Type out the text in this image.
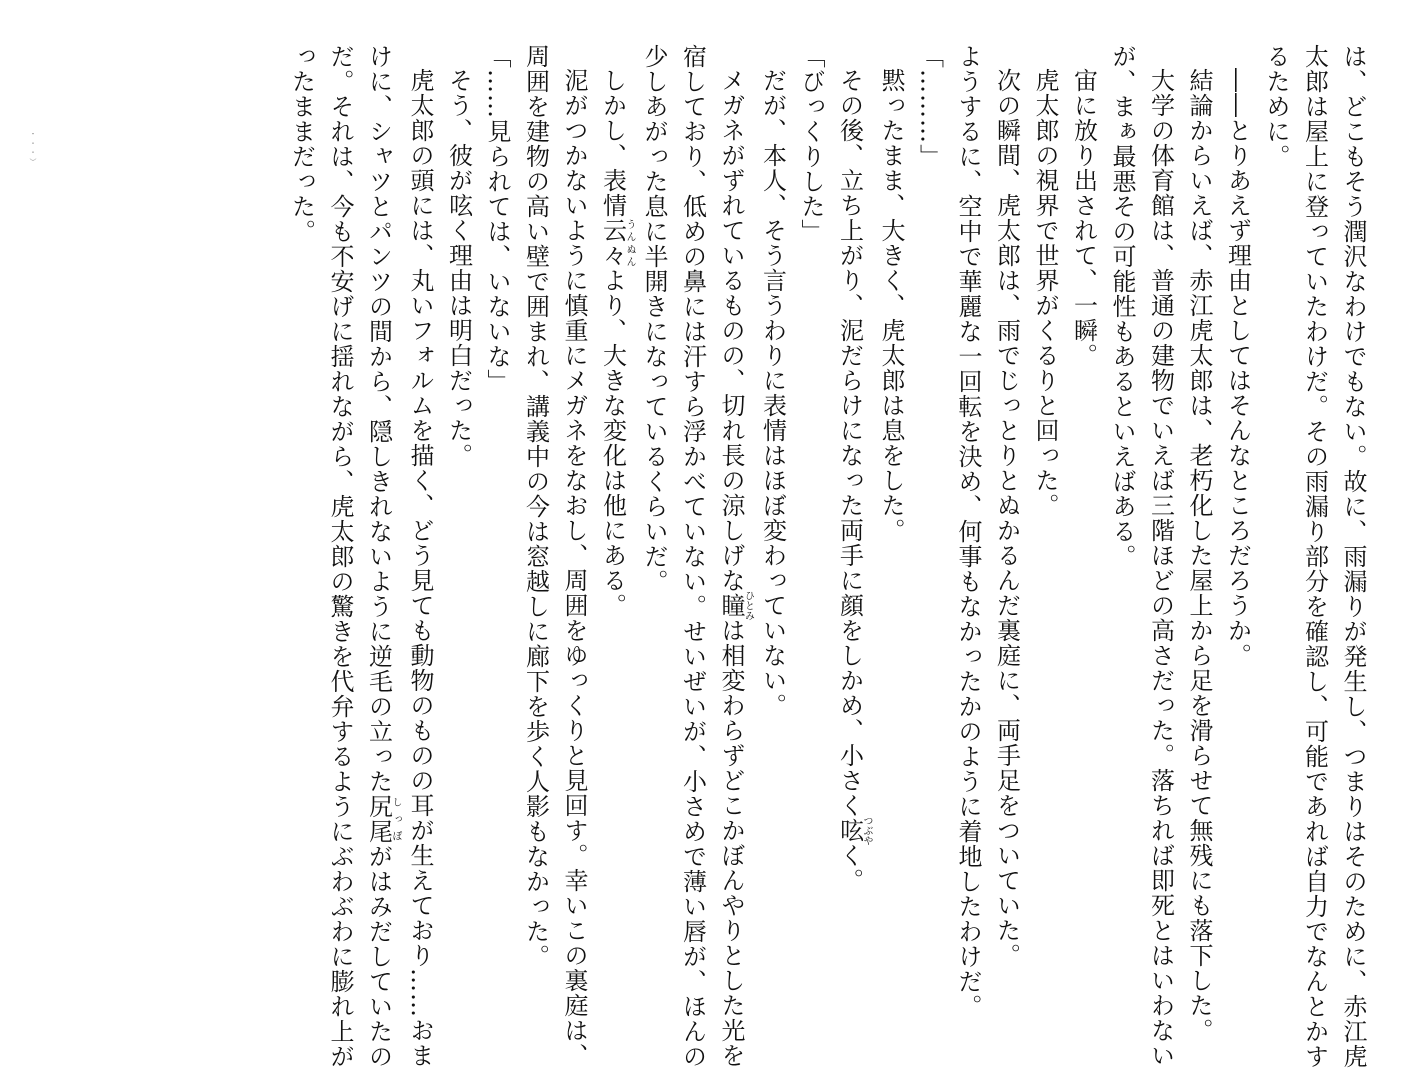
は、どこもそう潤沢なわけでもない。故に、雨漏りが発生し、つまりはそのために、赤江虎
太郎は屋上に登っていたわけだ。その雨漏り部分を確認し、可能であれば自力でなんとかす
るために。
――とりあえず理由としてはそんなところだろうか。
結論からいえば、赤江虎太郎は、老朽化した屋上から足を滑らせて無残にも落下した。
大学の体育館は、普通の建物でいえば三階ほどの高さだった。落ちれば即死とはいわない
が、まぁ最悪その可能性もあるといえばある。
宙に放り出されて、一瞬。
虎太郎の視界で世界がくるりと回った。
次の瞬間、虎太郎は、雨でじっとりとぬかるんだ裏庭に、両手足をついていた。
ようするに、空中で華麗な一回転を決め、何事もなかったかのように着地したわけだ。
「………」
黙ったまま、大きく、虎太郎は息をした。
その後、立ち上がり、泥だらけになった両手に顔をしかめ、小さく呟つぶやく。
「びっくりした」
だが、本人、そう言うわりに表情はほぼ変わっていない。
メガネがずれているものの、切れ長の涼しげな瞳ひとみは相変わらずどこかぼんやりとした光を
宿しており、低めの鼻には汗すら浮かべていない。せいぜいが、小さめで薄い唇が、ほんの
少しあがった息に半開きになっているくらいだ。
しかし、表情云々うんぬんより、大きな変化は他にある。
泥がつかないように慎重にメガネをなおし、周囲をゆっくりと見回す。幸いこの裏庭は、
周囲を建物の高い壁で囲まれ、講義中の今は窓越しに廊下を歩く人影もなかった。
「……見られては、いないな」
そう、彼が呟く理由は明白だった。
虎太郎の頭には、丸いフォルムを描く、どう見ても動物のものの耳が生えており……おま
けに、シャツとパンツの間から、隠しきれないように逆毛の立った尻尾しっぽがはみだしていたの
だ。それは、今も不安げに揺れながら、虎太郎の驚きを代弁するようにぶわぶわに膨れ上が
ったままだった。
・ ・ ・ ）
